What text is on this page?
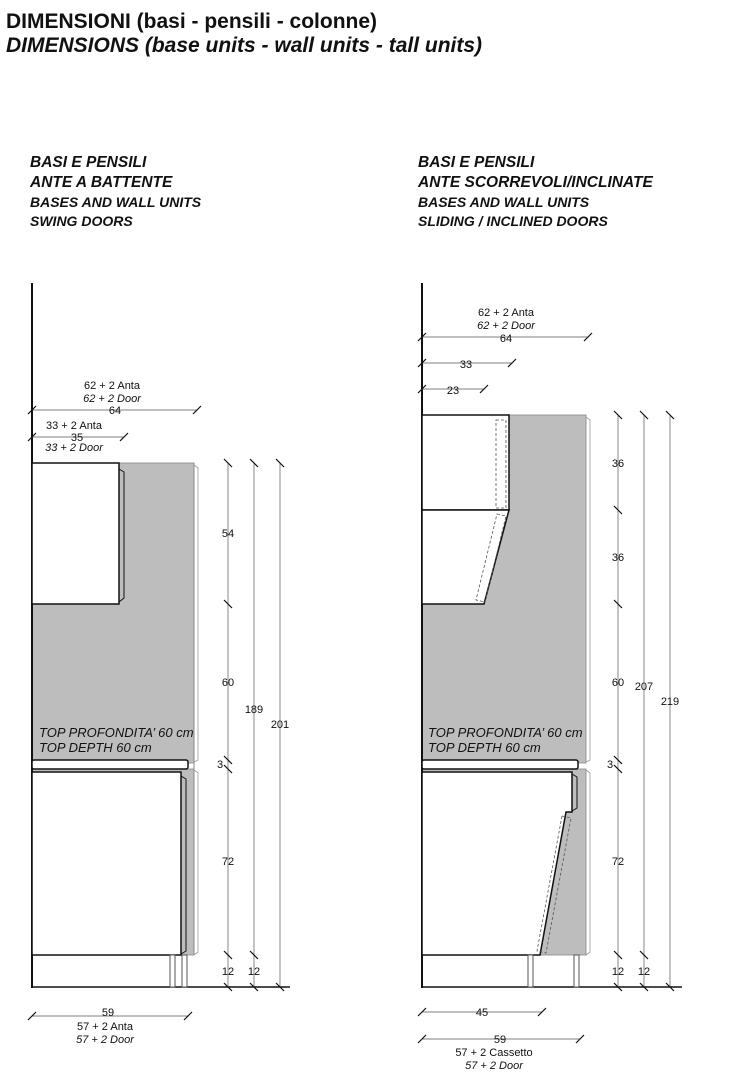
DIMENSIONI (basi - pensili - colonne)
DIMENSIONS (base units - wall units - tall units)
BASI E PENSILI
ANTE A BATTENTE
BASES AND WALL UNITS
SWING DOORS
BASI E PENSILI
ANTE SCORREVOLI/INCLINATE
BASES AND WALL UNITS
SLIDING / INCLINED DOORS
62 + 2 Anta
62 + 2 Door
64
33 + 2 Anta
35
33 + 2 Door
54
60
189
201
3
72
12 12
TOP PROFONDITA’ 60 cm
TOP DEPTH 60 cm
59
57 + 2 Anta
57 + 2 Door
62 + 2 Anta
62 + 2 Door
64
33
23
36
36
60 207
219
3
72
12 12
TOP PROFONDITA’ 60 cm
TOP DEPTH 60 cm
45
59
57 + 2 Cassetto
57 + 2 Door
